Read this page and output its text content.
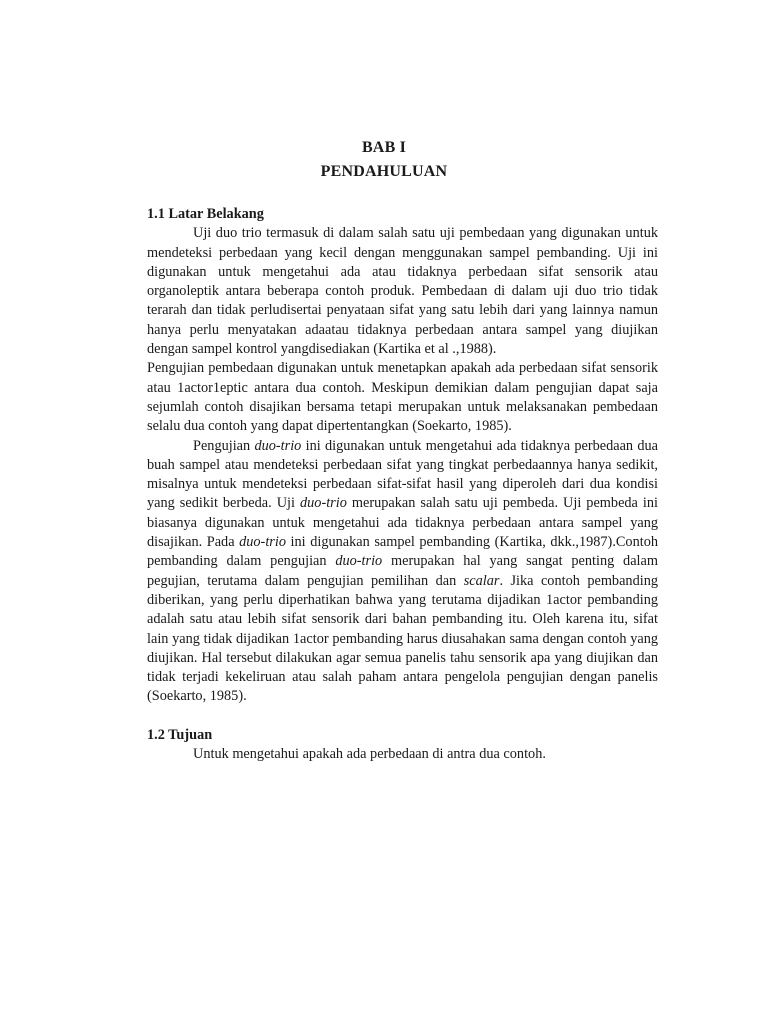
BAB I
PENDAHULUAN

1.1 Latar Belakang

Uji duo trio termasuk di dalam salah satu uji pembedaan yang digunakan untuk mendeteksi perbedaan yang kecil dengan menggunakan sampel pembanding. Uji ini digunakan untuk mengetahui ada atau tidaknya perbedaan sifat sensorik atau organoleptik antara beberapa contoh produk. Pembedaan di dalam uji duo trio tidak terarah dan tidak perludisertai penyataan sifat yang satu lebih dari yang lainnya namun hanya perlu menyatakan adaatau tidaknya perbedaan antara sampel yang diujikan dengan sampel kontrol yangdisediakan (Kartika et al .,1988).

Pengujian pembedaan digunakan untuk menetapkan apakah ada perbedaan sifat sensorik atau 1actor1eptic antara dua contoh. Meskipun demikian dalam pengujian dapat saja sejumlah contoh disajikan bersama tetapi merupakan untuk melaksanakan pembedaan selalu dua contoh yang dapat dipertentangkan (Soekarto, 1985).

Pengujian duo-trio ini digunakan untuk mengetahui ada tidaknya perbedaan dua buah sampel atau mendeteksi perbedaan sifat yang tingkat perbedaannya hanya sedikit, misalnya untuk mendeteksi perbedaan sifat-sifat hasil yang diperoleh dari dua kondisi yang sedikit berbeda. Uji duo-trio merupakan salah satu uji pembeda. Uji pembeda ini biasanya digunakan untuk mengetahui ada tidaknya perbedaan antara sampel yang disajikan. Pada duo-trio ini digunakan sampel pembanding (Kartika, dkk.,1987).Contoh pembanding dalam pengujian duo-trio merupakan hal yang sangat penting dalam pegujian, terutama dalam pengujian pemilihan dan scalar. Jika contoh pembanding diberikan, yang perlu diperhatikan bahwa yang terutama dijadikan 1actor pembanding adalah satu atau lebih sifat sensorik dari bahan pembanding itu. Oleh karena itu, sifat lain yang tidak dijadikan 1actor pembanding harus diusahakan sama dengan contoh yang diujikan. Hal tersebut dilakukan agar semua panelis tahu sensorik apa yang diujikan dan tidak terjadi kekeliruan atau salah paham antara pengelola pengujian dengan panelis (Soekarto, 1985).

1.2 Tujuan

Untuk mengetahui apakah ada perbedaan di antra dua contoh.
